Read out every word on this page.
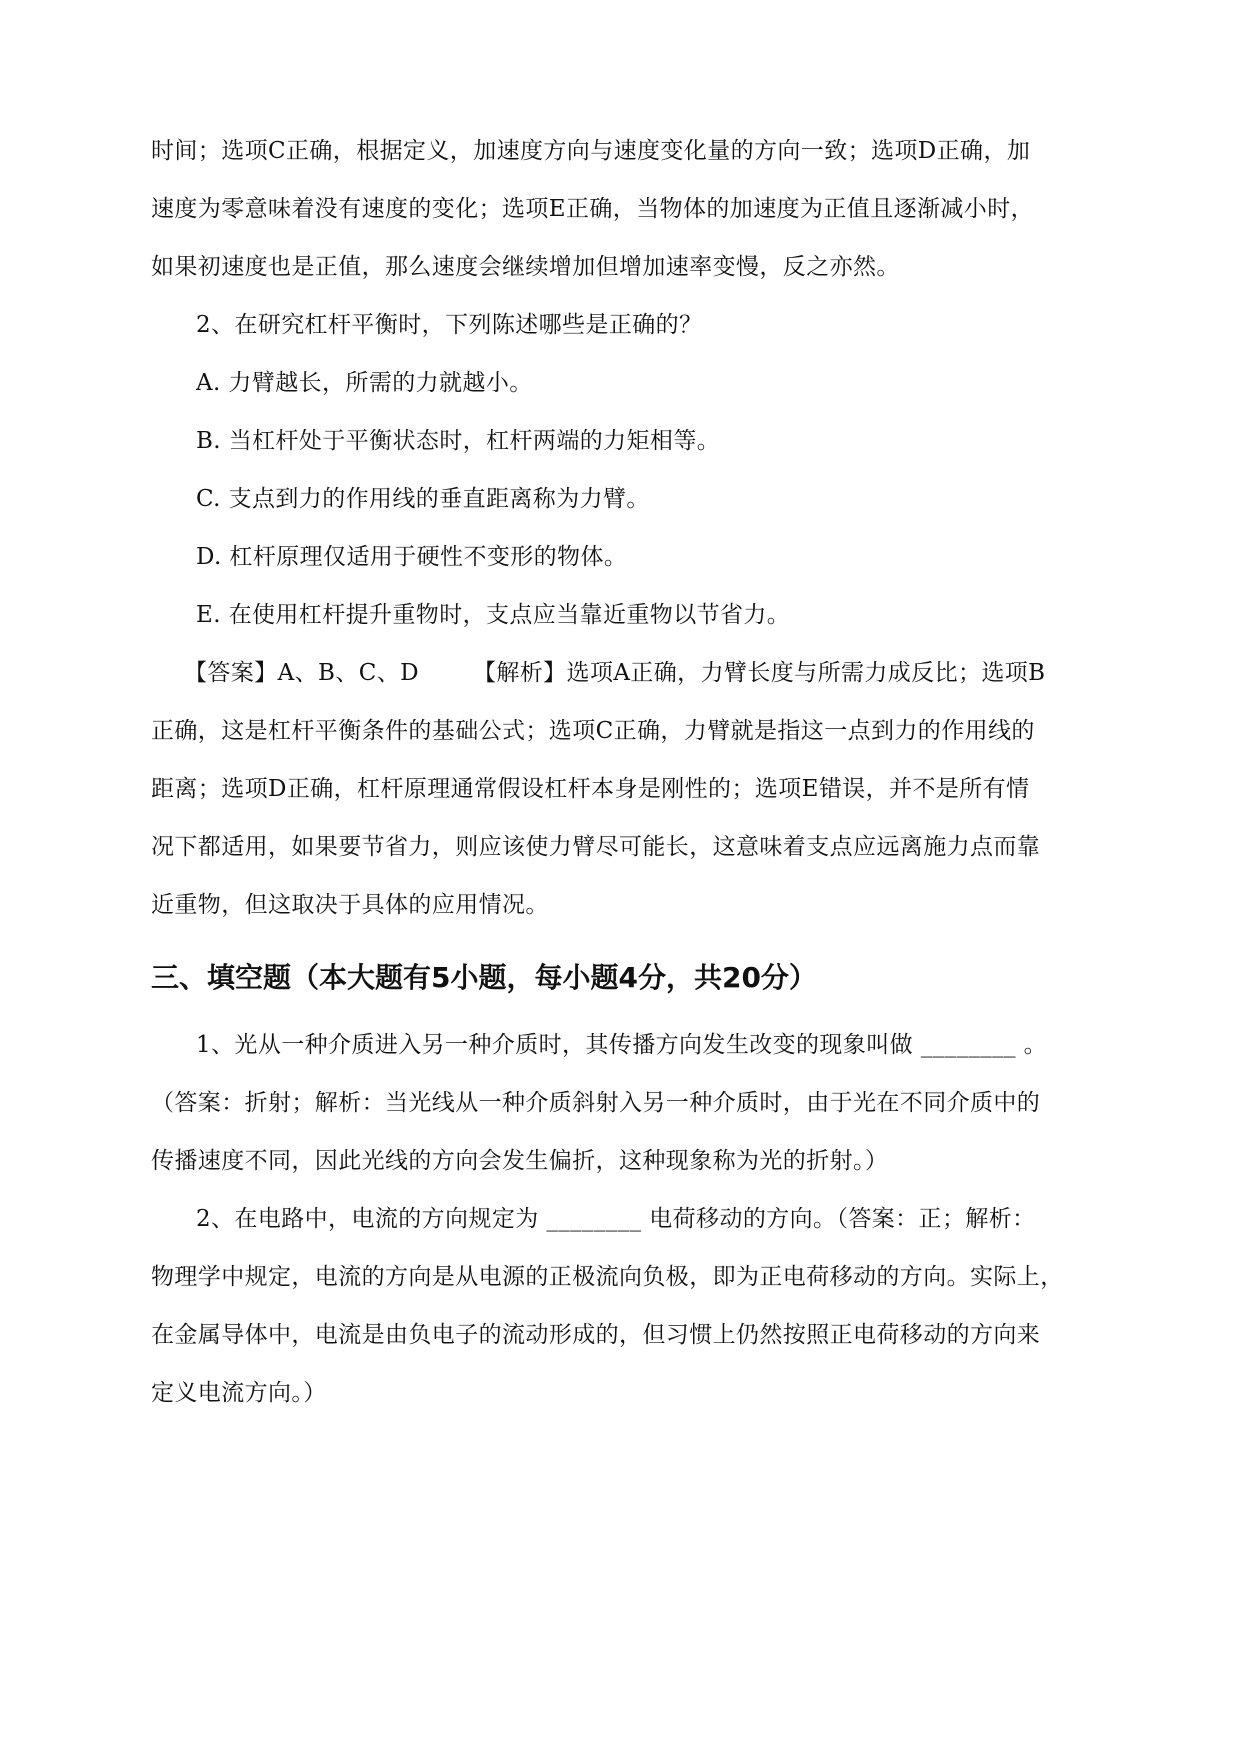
时间；选项C正确，根据定义，加速度方向与速度变化量的方向一致；选项D正确，加
速度为零意味着没有速度的变化；选项E正确，当物体的加速度为正值且逐渐减小时，
如果初速度也是正值，那么速度会继续增加但增加速率变慢，反之亦然。
2、在研究杠杆平衡时，下列陈述哪些是正确的？
A. 力臂越长，所需的力就越小。
B. 当杠杆处于平衡状态时，杠杆两端的力矩相等。
C. 支点到力的作用线的垂直距离称为力臂。
D. 杠杆原理仅适用于硬性不变形的物体。
E. 在使用杠杆提升重物时，支点应当靠近重物以节省力。
【答案】A、B、C、D 【解析】选项A正确，力臂长度与所需力成反比；选项B
正确，这是杠杆平衡条件的基础公式；选项C正确，力臂就是指这一点到力的作用线的
距离；选项D正确，杠杆原理通常假设杠杆本身是刚性的；选项E错误，并不是所有情
况下都适用，如果要节省力，则应该使力臂尽可能长，这意味着支点应远离施力点而靠
近重物，但这取决于具体的应用情况。
三、填空题（本大题有5小题，每小题4分，共20分）
1、光从一种介质进入另一种介质时，其传播方向发生改变的现象叫做 ________ 。
（答案：折射；解析：当光线从一种介质斜射入另一种介质时，由于光在不同介质中的
传播速度不同，因此光线的方向会发生偏折，这种现象称为光的折射。）
2、在电路中，电流的方向规定为 ________ 电荷移动的方向。（答案：正；解析：
物理学中规定，电流的方向是从电源的正极流向负极，即为正电荷移动的方向。实际上，
在金属导体中，电流是由负电子的流动形成的，但习惯上仍然按照正电荷移动的方向来
定义电流方向。）
